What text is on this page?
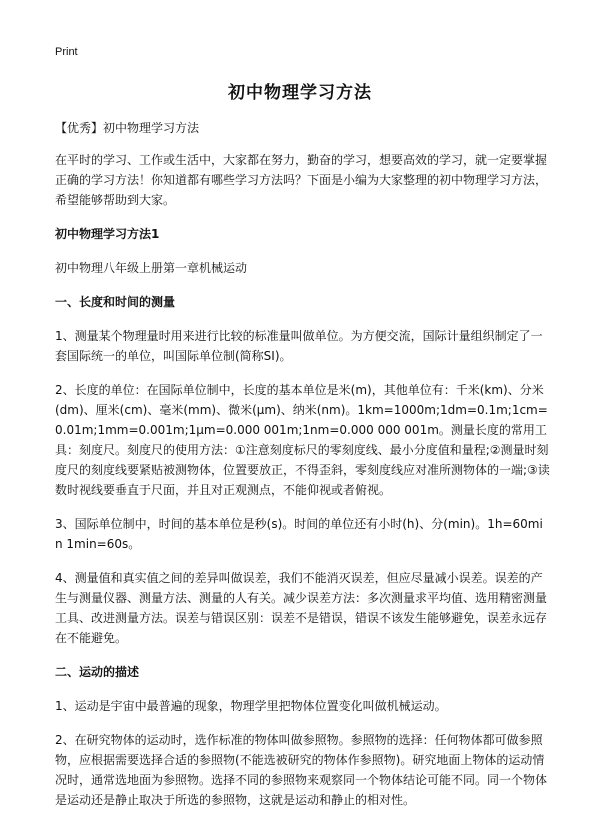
Print
初中物理学习方法

【优秀】初中物理学习方法

在平时的学习、工作或生活中，大家都在努力，勤奋的学习，想要高效的学习，就一定要掌握正确的学习方法！你知道都有哪些学习方法吗？下面是小编为大家整理的初中物理学习方法，希望能够帮助到大家。

初中物理学习方法1

初中物理八年级上册第一章机械运动

一、长度和时间的测量

1、测量某个物理量时用来进行比较的标准量叫做单位。为方便交流，国际计量组织制定了一套国际统一的单位，叫国际单位制(简称SI)。

2、长度的单位：在国际单位制中，长度的基本单位是米(m)，其他单位有：千米(km)、分米(dm)、厘米(cm)、毫米(mm)、微米(μm)、纳米(nm)。1km=1000m;1dm=0.1m;1cm=0.01m;1mm=0.001m;1μm=0.000 001m;1nm=0.000 000 001m。测量长度的常用工具：刻度尺。刻度尺的使用方法：①注意刻度标尺的零刻度线、最小分度值和量程;②测量时刻度尺的刻度线要紧贴被测物体，位置要放正，不得歪斜，零刻度线应对准所测物体的一端;③读数时视线要垂直于尺面，并且对正观测点，不能仰视或者俯视。

3、国际单位制中，时间的基本单位是秒(s)。时间的单位还有小时(h)、分(min)。1h=60min 1min=60s。

4、测量值和真实值之间的差异叫做误差，我们不能消灭误差，但应尽量减小误差。误差的产生与测量仪器、测量方法、测量的人有关。减少误差方法：多次测量求平均值、选用精密测量工具、改进测量方法。误差与错误区别：误差不是错误，错误不该发生能够避免，误差永远存在不能避免。

二、运动的描述

1、运动是宇宙中最普遍的现象，物理学里把物体位置变化叫做机械运动。

2、在研究物体的运动时，选作标准的物体叫做参照物。参照物的选择：任何物体都可做参照物，应根据需要选择合适的参照物(不能选被研究的物体作参照物)。研究地面上物体的运动情况时，通常选地面为参照物。选择不同的参照物来观察同一个物体结论可能不同。同一个物体是运动还是静止取决于所选的参照物，这就是运动和静止的相对性。
